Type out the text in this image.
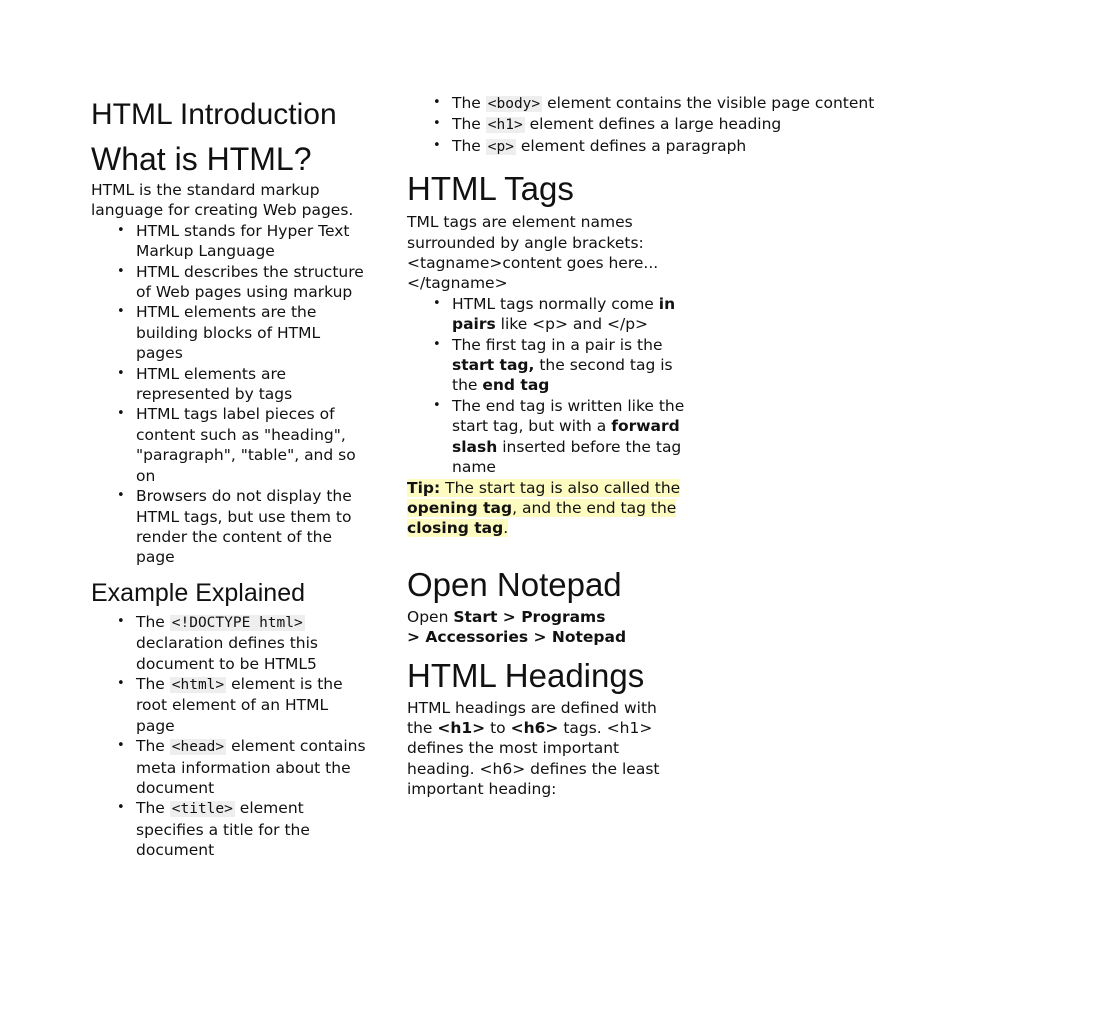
HTML Introduction
What is HTML?

HTML is the standard markup language for creating Web pages.

• HTML stands for Hyper Text Markup Language
• HTML describes the structure of Web pages using markup
• HTML elements are the building blocks of HTML pages
• HTML elements are represented by tags
• HTML tags label pieces of content such as "heading", "paragraph", "table", and so on
• Browsers do not display the HTML tags, but use them to render the content of the page
Example Explained
• The <!DOCTYPE html> declaration defines this document to be HTML5
• The <html> element is the root element of an HTML page
• The <head> element contains meta information about the document
• The <title> element specifies a title for the document
• The <body> element contains the visible page content
• The <h1> element defines a large heading
• The <p> element defines a paragraph
HTML Tags

TML tags are element names surrounded by angle brackets: <tagname>content goes here...</tagname>

• HTML tags normally come in pairs like <p> and </p>
• The first tag in a pair is the start tag, the second tag is the end tag
• The end tag is written like the start tag, but with a forward slash inserted before the tag name

Tip: The start tag is also called the opening tag, and the end tag the closing tag.

Open Notepad

Open Start > Programs
> Accessories > Notepad

HTML Headings

HTML headings are defined with the <h1> to <h6> tags. <h1> defines the most important heading. <h6> defines the least important heading:
